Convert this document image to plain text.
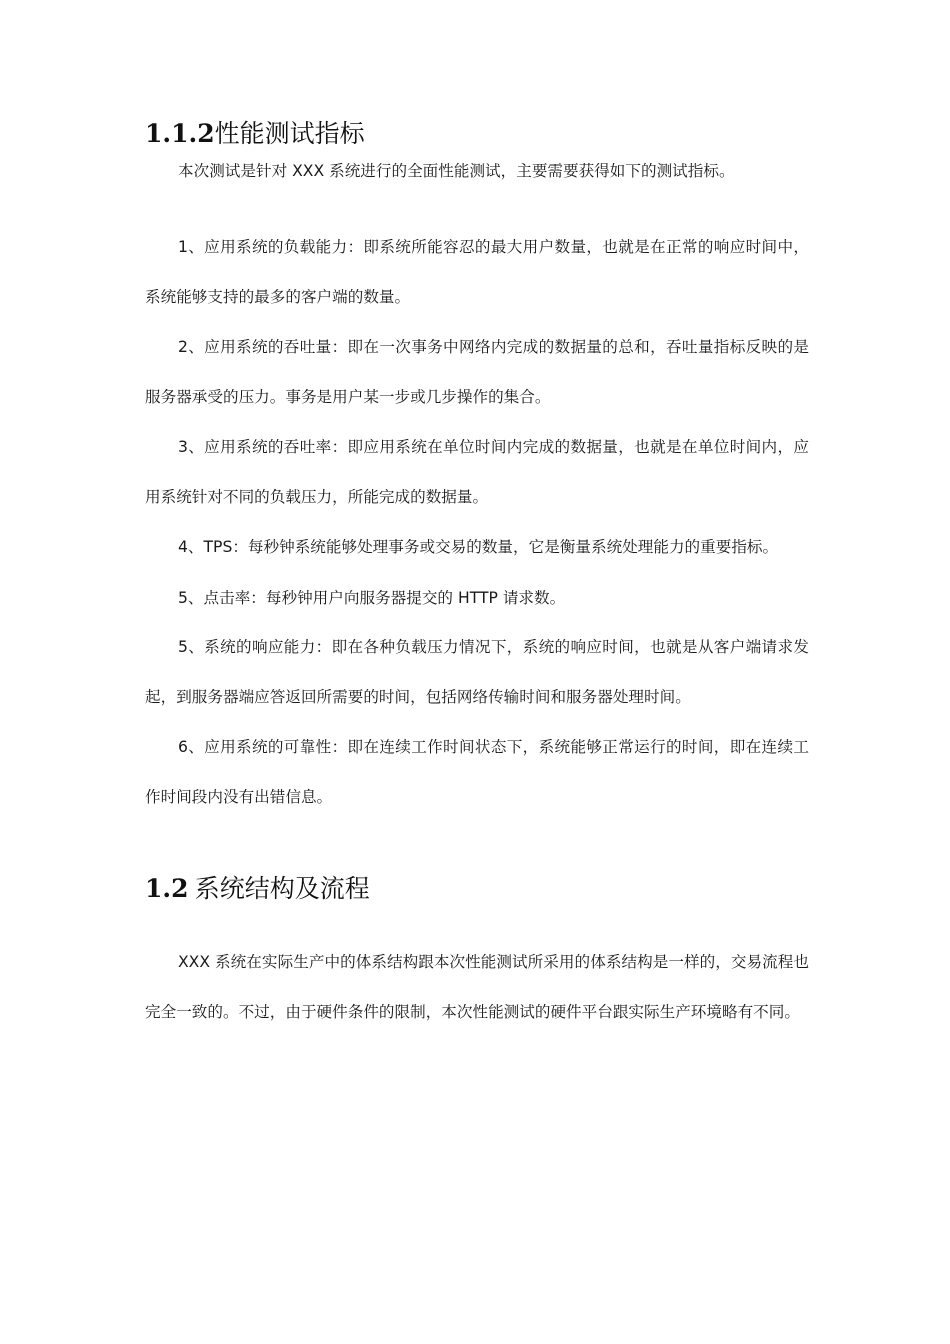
1.1.2性能测试指标

本次测试是针对 XXX 系统进行的全面性能测试，主要需要获得如下的测试指标。

1、应用系统的负载能力：即系统所能容忍的最大用户数量，也就是在正常的响应时间中，系统能够支持的最多的客户端的数量。

2、应用系统的吞吐量：即在一次事务中网络内完成的数据量的总和，吞吐量指标反映的是服务器承受的压力。事务是用户某一步或几步操作的集合。

3、应用系统的吞吐率：即应用系统在单位时间内完成的数据量，也就是在单位时间内，应用系统针对不同的负载压力，所能完成的数据量。

4、TPS：每秒钟系统能够处理事务或交易的数量，它是衡量系统处理能力的重要指标。

5、点击率：每秒钟用户向服务器提交的 HTTP 请求数。

5、系统的响应能力：即在各种负载压力情况下，系统的响应时间，也就是从客户端请求发起，到服务器端应答返回所需要的时间，包括网络传输时间和服务器处理时间。

6、应用系统的可靠性：即在连续工作时间状态下，系统能够正常运行的时间，即在连续工作时间段内没有出错信息。

1.2 系统结构及流程

XXX 系统在实际生产中的体系结构跟本次性能测试所采用的体系结构是一样的，交易流程也完全一致的。不过，由于硬件条件的限制，本次性能测试的硬件平台跟实际生产环境略有不同。
